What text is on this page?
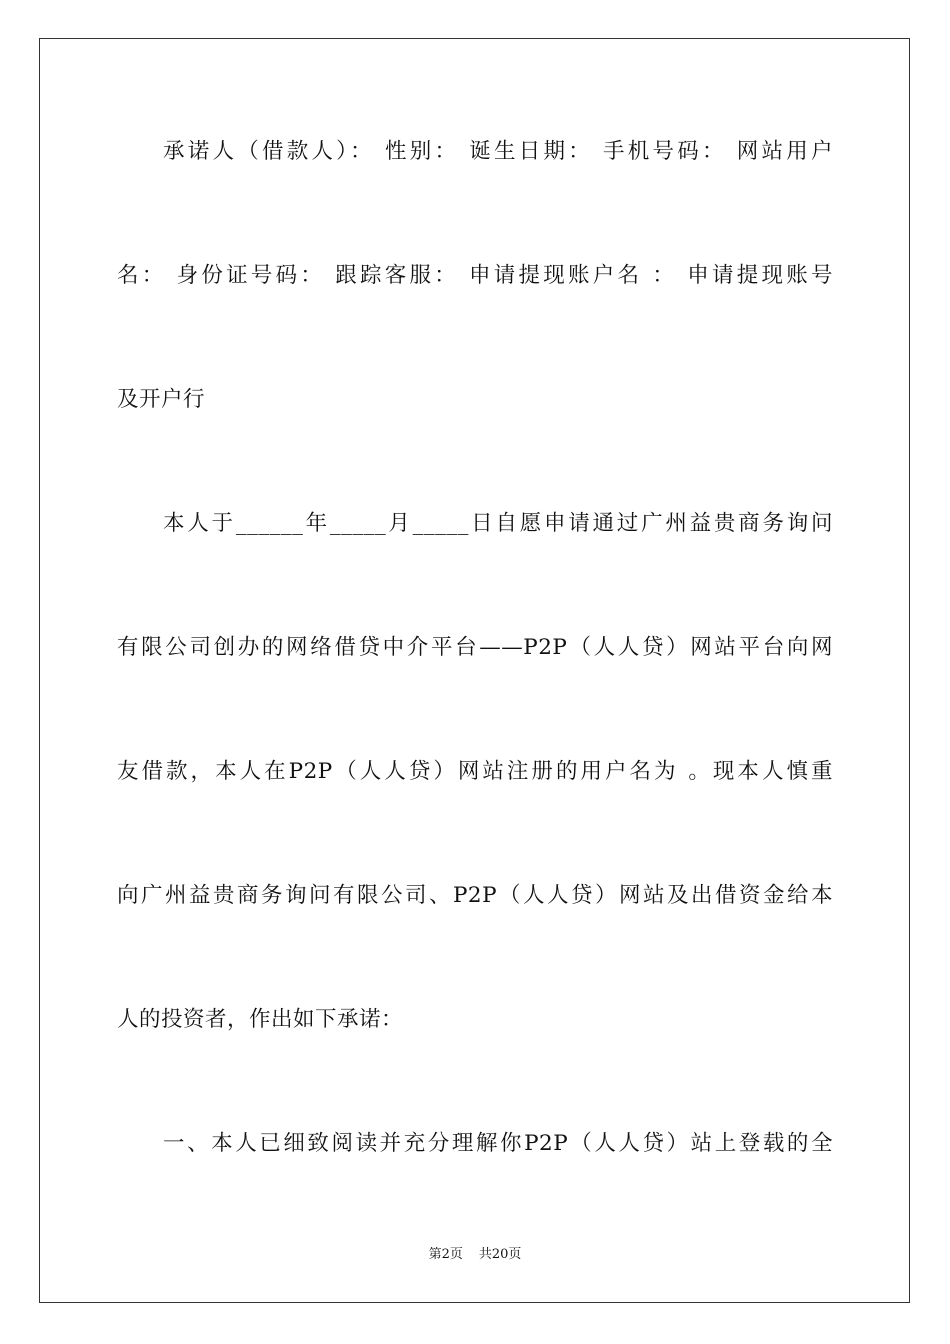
承诺人（借款人）： 性别： 诞生日期： 手机号码： 网站用户
名： 身份证号码： 跟踪客服： 申请提现账户名 ： 申请提现账号
及开户行
本人于______年_____月_____日自愿申请通过广州益贵商务询问
有限公司创办的网络借贷中介平台——P2P（人人贷）网站平台向网
友借款，本人在P2P（人人贷）网站注册的用户名为 。现本人慎重
向广州益贵商务询问有限公司、P2P（人人贷）网站及出借资金给本
人的投资者，作出如下承诺：
一、本人已细致阅读并充分理解你P2P（人人贷）站上登载的全
第2页 共20页
